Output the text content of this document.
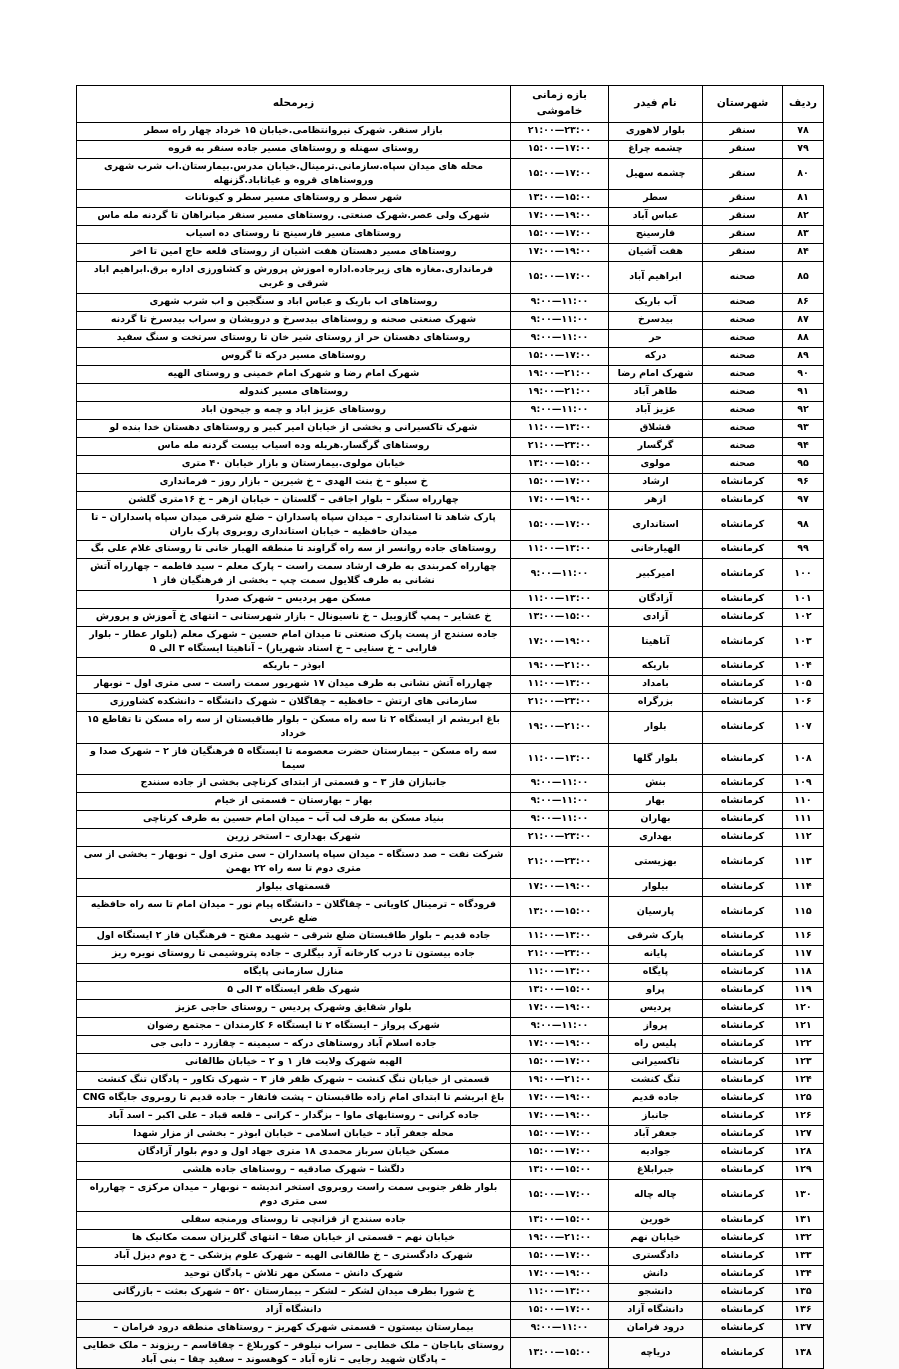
ردیف	شهرستان	نام فیدر	بازه زمانی خاموشی	زیرمحله
۷۸	سنقر	بلوار لاهوری	۲۱:۰۰—۲۳:۰۰	بازار سنقر. شهرک نیروانتظامی.خیابان ۱۵ خرداد چهار راه سطر
۷۹	سنقر	چشمه چراغ	۱۵:۰۰—۱۷:۰۰	روستای سهنله و روستاهای مسیر جاده سنقر به قروه
۸۰	سنقر	چشمه سهیل	۱۵:۰۰—۱۷:۰۰	محله های میدان سپاه.سازمانی.ترمینال.خیابان مدرس.بیمارستان.اب شرب شهری وروستاهای قروه و غیاثاباد.گزنهله
۸۱	سنقر	سطر	۱۳:۰۰—۱۵:۰۰	شهر سطر و روستاهای مسیر سطر و کیونانات
۸۲	سنقر	عباس آباد	۱۷:۰۰—۱۹:۰۰	شهرک ولی عصر.شهرک صنعتی. روستاهای مسیر سنقر میانراهان تا گردنه مله ماس
۸۳	سنقر	فارسینج	۱۵:۰۰—۱۷:۰۰	روستاهای مسیر فارسینج تا روستای ده اسیاب
۸۴	سنقر	هفت آشیان	۱۷:۰۰—۱۹:۰۰	روستاهای مسیر دهستان هفت اشیان از روستای قلعه حاج امین تا اخر
۸۵	صحنه	ابراهیم آباد	۱۵:۰۰—۱۷:۰۰	فرمانداری.مغازه های زیرجاده.اداره اموزش پرورش و کشاورزی اداره برق.ابراهیم اباد شرقی و غربی
۸۶	صحنه	آب باریک	۹:۰۰—۱۱:۰۰	روستاهای اب باریک و عباس اباد و سنگجین و اب شرب شهری
۸۷	صحنه	بیدسرخ	۹:۰۰—۱۱:۰۰	شهرک صنعتی صحنه و روستاهای بیدسرخ و درویشان و سراب بیدسرخ تا گردنه
۸۸	صحنه	حر	۹:۰۰—۱۱:۰۰	روستاهای دهستان حر از روستای شیر خان تا روستای سرتخت و سنگ سفید
۸۹	صحنه	درکه	۱۵:۰۰—۱۷:۰۰	روستاهای مسیر درکه تا گروس
۹۰	صحنه	شهرک امام رضا	۱۹:۰۰—۲۱:۰۰	شهرک امام رضا و شهرک امام خمینی و روستای الهیه
۹۱	صحنه	طاهر آباد	۱۹:۰۰—۲۱:۰۰	روستاهای مسیر کندوله
۹۲	صحنه	عزیز آباد	۹:۰۰—۱۱:۰۰	روستاهای عزیز اباد و چمه و جیحون اباد
۹۳	صحنه	قشلاق	۱۱:۰۰—۱۳:۰۰	شهرک تاکسیرانی و بخشی از خیابان امیر کبیر و روستاهای دهستان خدا بنده لو
۹۴	صحنه	گرگسار	۲۱:۰۰—۲۳:۰۰	روستاهای گرگسار.هریله وده اسیاب بیست گردنه مله ماس
۹۵	صحنه	مولوی	۱۳:۰۰—۱۵:۰۰	خیابان مولوی.بیمارستان و بازار خیابان ۴۰ متری
۹۶	کرمانشاه	ارشاد	۱۵:۰۰—۱۷:۰۰	خ سیلو – خ بنت الهدی – خ شیرین – بازار روز – فرمانداری
۹۷	کرمانشاه	ازهر	۱۷:۰۰—۱۹:۰۰	چهارراه سنگر – بلوار اجاقی – گلستان – خیابان ازهر – خ ۱۶متری گلشن
۹۸	کرمانشاه	استانداری	۱۵:۰۰—۱۷:۰۰	پارک شاهد تا استانداری – میدان سپاه پاسداران – ضلع شرقی میدان سپاه پاسداران – تا میدان حافظیه – خیابان استانداری روبروی پارک باران
۹۹	کرمانشاه	الهیارخانی	۱۱:۰۰—۱۳:۰۰	روستاهای جاده روانسر از سه راه گراوند تا منطقه الهیار خانی تا روستای غلام علی بگ
۱۰۰	کرمانشاه	امیرکبیر	۹:۰۰—۱۱:۰۰	چهارراه کمربندی به طرف ارشاد سمت راست – پارک معلم – سید فاطمه – چهارراه آتش نشانی به طرف گلایول سمت چپ – بخشی از فرهنگیان فاز ۱
۱۰۱	کرمانشاه	آزادگان	۱۱:۰۰—۱۳:۰۰	مسکن مهر پردیس – شهرک صدرا
۱۰۲	کرمانشاه	آزادی	۱۳:۰۰—۱۵:۰۰	خ عشایر – پمپ گازوییل – خ ناسیونال – بازار شهرستانی – انتهای خ آموزش و پرورش
۱۰۳	کرمانشاه	آناهیتا	۱۷:۰۰—۱۹:۰۰	جاده سنندج از پست پارک صنعتی تا میدان امام حسین – شهرک معلم (بلوار عطار – بلوار فارابی – خ سنایی – خ استاد شهریار) – آناهیتا ایستگاه ۳ الی ۵
۱۰۴	کرمانشاه	باریکه	۱۹:۰۰—۲۱:۰۰	ابوذر – باریکه
۱۰۵	کرمانشاه	بامداد	۱۱:۰۰—۱۳:۰۰	چهارراه آتش نشانی به طرف میدان ۱۷ شهریور سمت راست – سی متری اول – نوبهار
۱۰۶	کرمانشاه	بزرگراه	۲۱:۰۰—۲۳:۰۰	سازمانی های ارتش – حافظیه – چقاگلان – شهرک دانشگاه – دانشکده کشاورزی
۱۰۷	کرمانشاه	بلوار	۱۹:۰۰—۲۱:۰۰	باغ ابریشم از ایستگاه ۲ تا سه راه مسکن – بلوار طاقبستان از سه راه مسکن تا تقاطع ۱۵ خرداد
۱۰۸	کرمانشاه	بلوار گلها	۱۱:۰۰—۱۳:۰۰	سه راه مسکن – بیمارستان حضرت معصومه تا ایستگاه ۵ فرهنگیان فاز ۲ – شهرک صدا و سیما
۱۰۹	کرمانشاه	بنش	۹:۰۰—۱۱:۰۰	جانبازان فاز ۳ – و قسمتی از ابتدای کرناچی بخشی از جاده سنندج
۱۱۰	کرمانشاه	بهار	۹:۰۰—۱۱:۰۰	بهار – بهارستان – قسمتی از خیام
۱۱۱	کرمانشاه	بهاران	۹:۰۰—۱۱:۰۰	بنیاد مسکن به طرف لب آب – میدان امام حسین به طرف کرناچی
۱۱۲	کرمانشاه	بهداری	۲۱:۰۰—۲۳:۰۰	شهرک بهداری – استخر زرین
۱۱۳	کرمانشاه	بهزیستی	۲۱:۰۰—۲۳:۰۰	شرکت نفت – صد دستگاه – میدان سپاه پاسداران – سی متری اول – نوبهار – بخشی از سی متری دوم تا سه راه ۲۲ بهمن
۱۱۴	کرمانشاه	بیلوار	۱۷:۰۰—۱۹:۰۰	قسمتهای بیلوار
۱۱۵	کرمانشاه	پارسیان	۱۳:۰۰—۱۵:۰۰	فرودگاه – ترمینال کاویانی – چقاگلان – دانشگاه پیام نور – میدان امام تا سه راه حافظیه ضلع غربی
۱۱۶	کرمانشاه	پارک شرقی	۱۱:۰۰—۱۳:۰۰	جاده قدیم – بلوار طاقبستان ضلع شرقی – شهید مفتح – فرهنگیان فاز ۲ ایستگاه اول
۱۱۷	کرمانشاه	پایانه	۲۱:۰۰—۲۳:۰۰	جاده بیستون تا درب کارخانه آرد بیگلری – جاده پتروشیمی تا روستای نویره ریز
۱۱۸	کرمانشاه	پایگاه	۱۱:۰۰—۱۳:۰۰	منازل سازمانی پایگاه
۱۱۹	کرمانشاه	پراو	۱۳:۰۰—۱۵:۰۰	شهرک ظفر ایستگاه ۳ الی ۵
۱۲۰	کرمانشاه	پردیس	۱۷:۰۰—۱۹:۰۰	بلوار شقایق وشهرک پردیس – روستای حاجی عزیز
۱۲۱	کرمانشاه	پرواز	۹:۰۰—۱۱:۰۰	شهرک پرواز – ایستگاه ۲ تا ایستگاه ۶ کارمندان – مجتمع رضوان
۱۲۲	کرمانشاه	پلیس راه	۱۷:۰۰—۱۹:۰۰	جاده اسلام آباد روستاهای درکه – سیمینه – چقازرد – دابی جی
۱۲۳	کرمانشاه	تاکسیرانی	۱۵:۰۰—۱۷:۰۰	الهیه شهرک ولایت فاز ۱ و ۲ – خیابان طالقانی
۱۲۴	کرمانشاه	تنگ کنشت	۱۹:۰۰—۲۱:۰۰	قسمتی از خیابان تنگ کنشت – شهرک ظفر فاز ۳ – شهرک تکاور – پادگان تنگ کنشت
۱۲۵	کرمانشاه	جاده قدیم	۱۷:۰۰—۱۹:۰۰	باغ ابریشم تا ابتدای امام زاده طاقبستان – پشت فانفار – جاده قدیم تا روبروی جایگاه CNG
۱۲۶	کرمانشاه	جانباز	۱۷:۰۰—۱۹:۰۰	جاده کرانی – روستایهای ماوا – بزگدار – کرانی – قلعه قباد – علی اکبر – اسد آباد
۱۲۷	کرمانشاه	جعفر آباد	۱۵:۰۰—۱۷:۰۰	محله جعفر آباد – خیابان اسلامی – خیابان ابوذر – بخشی از مزار شهدا
۱۲۸	کرمانشاه	جوادیه	۱۵:۰۰—۱۷:۰۰	مسکن خیابان سرباز محمدی ۱۸ متری جهاد اول و دوم بلوار آزادگان
۱۲۹	کرمانشاه	جبرابلاغ	۱۳:۰۰—۱۵:۰۰	دلگشا – شهرک صادقیه – روستاهای جاده هلشی
۱۳۰	کرمانشاه	چاله چاله	۱۵:۰۰—۱۷:۰۰	بلوار ظفر جنوبی سمت راست روبروی استخر اندیشه – نوبهار – میدان مرکزی – چهارراه سی متری دوم
۱۳۱	کرمانشاه	خورین	۱۳:۰۰—۱۵:۰۰	جاده سنندج از قزانچی تا روستای ورمنجه سفلی
۱۳۲	کرمانشاه	خیابان نهم	۱۹:۰۰—۲۱:۰۰	خیابان نهم – قسمتی از خیابان صفا – انتهای گلریزان سمت مکانیک ها
۱۳۳	کرمانشاه	دادگستری	۱۵:۰۰—۱۷:۰۰	شهرک دادگستری – خ طالقانی الهیه – شهرک علوم پزشکی – خ دوم دیزل آباد
۱۳۴	کرمانشاه	دانش	۱۷:۰۰—۱۹:۰۰	شهرک دانش – مسکن مهر تلاش – پادگان توحید
۱۳۵	کرمانشاه	دانشجو	۱۱:۰۰—۱۳:۰۰	خ شورا بطرف میدان لشکر – لشکر – بیمارستان ۵۲۰ – شهرک بعثت – بازرگانی
۱۳۶	کرمانشاه	دانشگاه آزاد	۱۵:۰۰—۱۷:۰۰	دانشگاه آزاد
۱۳۷	کرمانشاه	درود فرامان	۹:۰۰—۱۱:۰۰	بیمارستان بیستون – قسمتی شهرک کهریز – روستاهای منطقه درود فرامان –
۱۳۸	کرمانشاه	دریاچه	۱۳:۰۰—۱۵:۰۰	روستای باباجان – ملک خطایی – سراب نیلوفر – کوربلاغ – چقاقاسم – ریزوند – ملک خطایی – پادگان شهید رجایی – تازه آباد – کوهسوند – سفید چقا – بنی آباد
